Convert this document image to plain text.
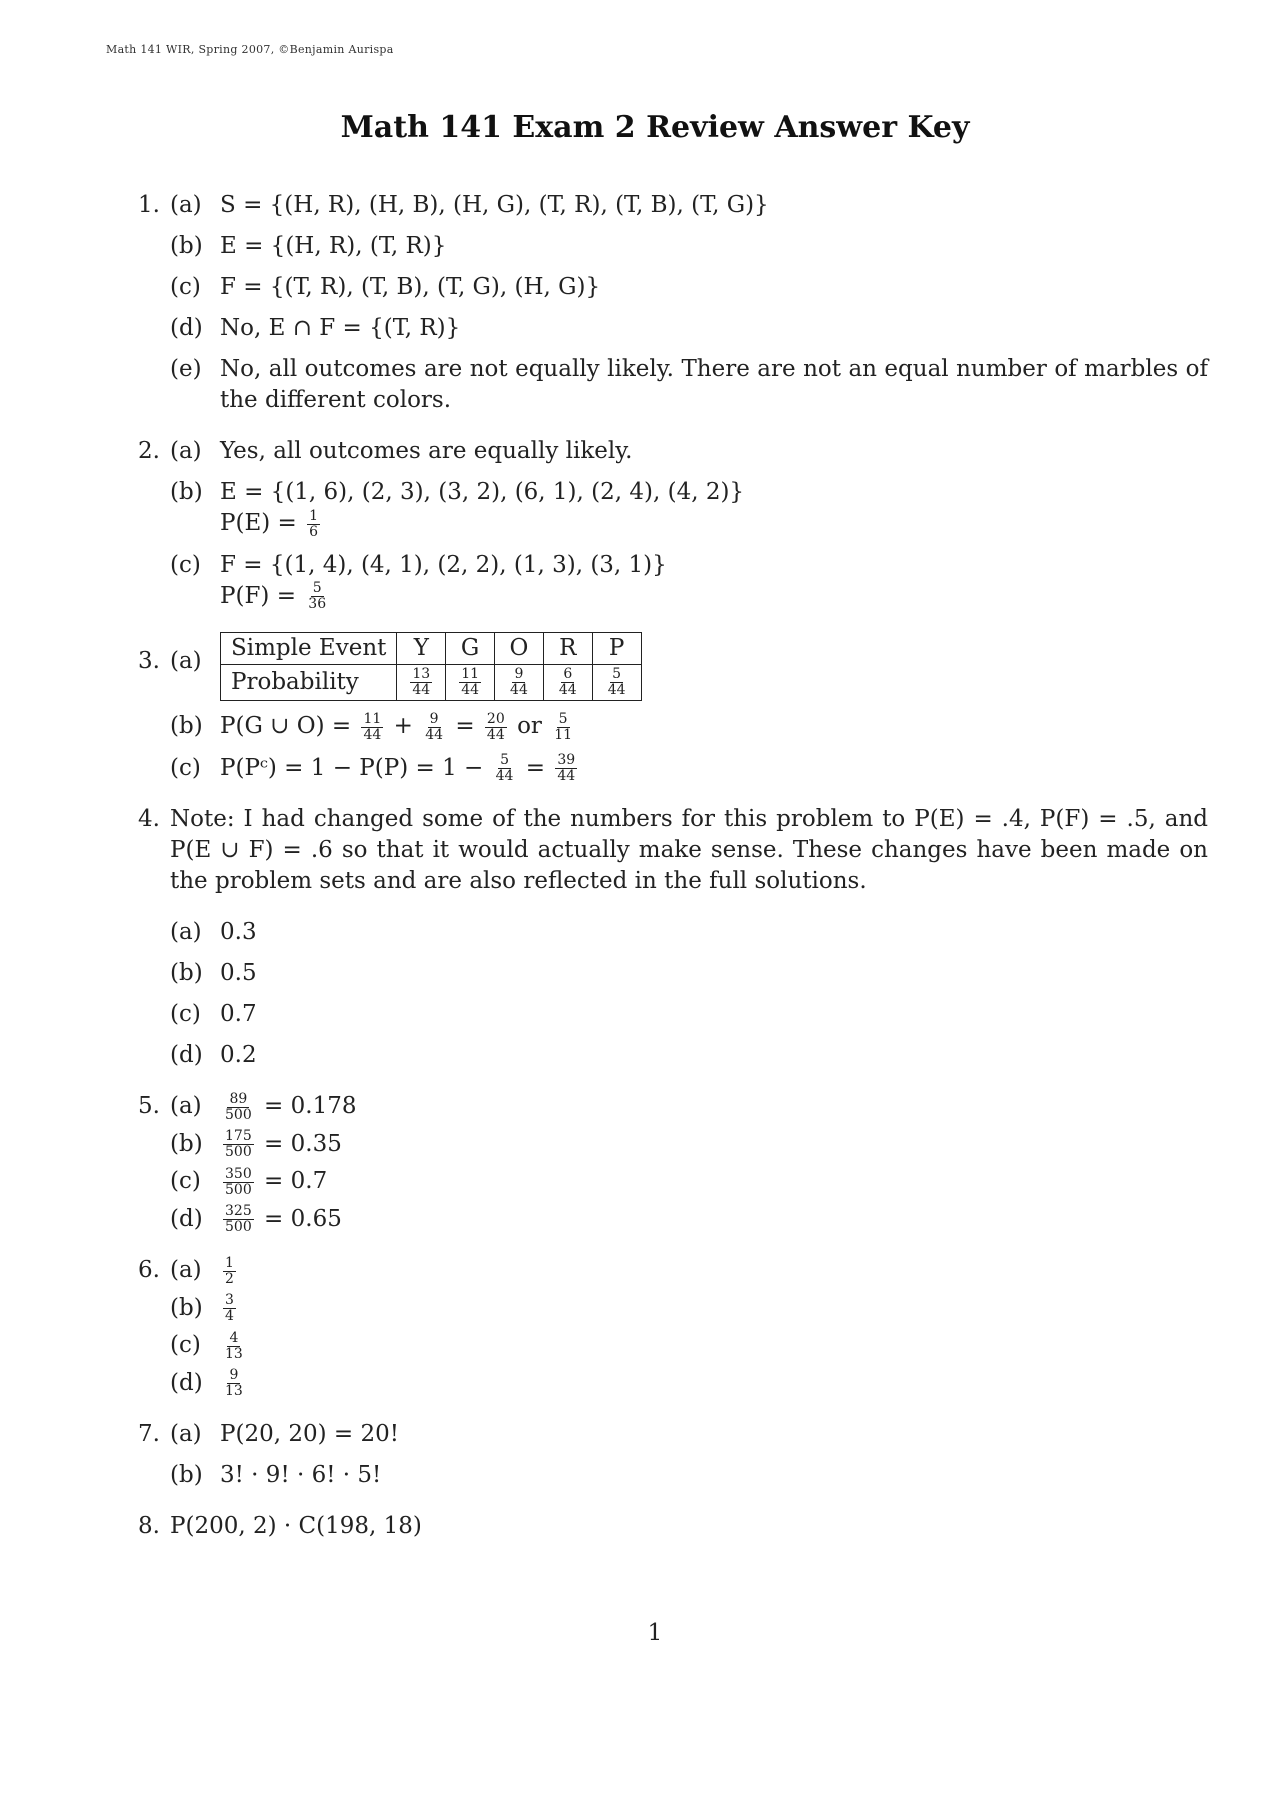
Math 141 WIR, Spring 2007, ©Benjamin Aurispa
Math 141 Exam 2 Review Answer Key
1. (a) S = {(H, R), (H, B), (H, G), (T, R), (T, B), (T, G)}
(b) E = {(H, R), (T, R)}
(c) F = {(T, R), (T, B), (T, G), (H, G)}
(d) No, E ∩ F = {(T, R)}
(e) No, all outcomes are not equally likely. There are not an equal number of marbles of the different colors.
2. (a) Yes, all outcomes are equally likely.
(b) E = {(1, 6), (2, 3), (3, 2), (6, 1), (2, 4), (4, 2)}
$P(E) = \frac{1}{6}$
(c) F = {(1, 4), (4, 1), (2, 2), (1, 3), (3, 1)}
$P(F) = \frac{5}{36}$
3. (a) Simple Event	Y	G	O	R	P
Probability	$\frac{13}{44}$	$\frac{11}{44}$	$\frac{9}{44}$	$\frac{6}{44}$	$\frac{5}{44}$
(b) P(G ∪ $O) = \frac{11}{44} + \frac{9}{44} = \frac{20}{44}$ or $\frac{5}{11}$
(c) P(Pᶜ) = $1 - P(P) = 1 - \frac{5}{44} = \frac{39}{44}$
4. Note: I had changed some of the numbers for this problem to P(E) = .4, P(F) = .5, and P(E ∪ F) = .6 so that it would actually make sense. These changes have been made on the problem sets and are also reflected in the full solutions.
(a) 0.3
(b) 0.5
(c) 0.7
(d) 0.2
5. $(a) \frac{89}{500} = 0.178$
$(b) \frac{175}{500} = 0.35$
$(c) \frac{350}{500} = 0.7$
$(d) \frac{325}{500} = 0.65$
6. $(a) \frac{1}{2}$
$(b) \frac{3}{4}$
$(c) \frac{4}{13}$
$(d) \frac{9}{13}$
7. (a) P(20, 20) = 20!
(b) 3! · 9! · 6! · 5!
8. P(200, 2) · C(198, 18)
1
